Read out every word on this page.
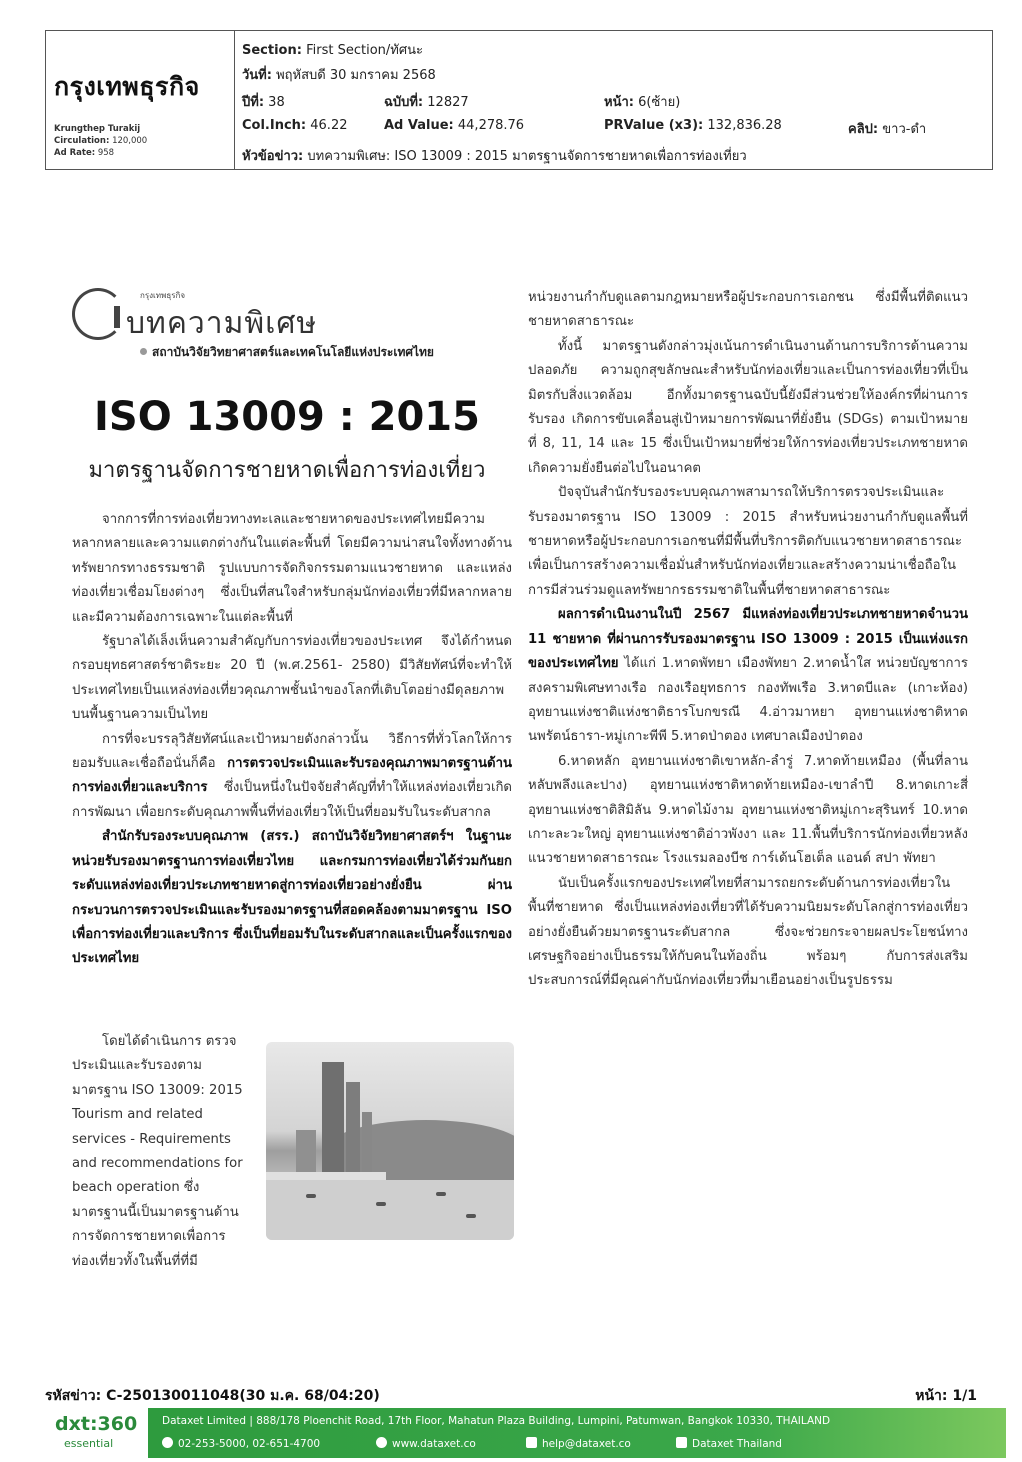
กรุงเทพธุรกิจ
Krungthep Turakij
Circulation: 120,000
Ad Rate: 958
Section: First Section/ทัศนะ
วันที่: พฤหัสบดี 30 มกราคม 2568
ปีที่: 38	ฉบับที่: 12827	หน้า: 6(ซ้าย)
Col.Inch: 46.22	Ad Value: 44,278.76	PRValue (x3): 132,836.28	คลิป: ขาว-ดำ
หัวข้อข่าว: บทความพิเศษ: ISO 13009 : 2015 มาตรฐานจัดการชายหาดเพื่อการท่องเที่ยว
กรุงเทพธุรกิจ
บทความพิเศษ
สถาบันวิจัยวิทยาศาสตร์และเทคโนโลยีแห่งประเทศไทย
ISO 13009 : 2015
มาตรฐานจัดการชายหาดเพื่อการท่องเที่ยว

จากการที่การท่องเที่ยวทางทะเลและชายหาดของประเทศไทยมีความหลากหลายและความแตกต่างกันในแต่ละพื้นที่ โดยมีความน่าสนใจทั้งทางด้านทรัพยากรทางธรรมชาติ รูปแบบการจัดกิจกรรมตามแนวชายหาด และแหล่งท่องเที่ยวเชื่อมโยงต่างๆ ซึ่งเป็นที่สนใจสำหรับกลุ่มนักท่องเที่ยวที่มีหลากหลายและมีความต้องการเฉพาะในแต่ละพื้นที่

รัฐบาลได้เล็งเห็นความสำคัญกับการท่องเที่ยวของประเทศ จึงได้กำหนดกรอบยุทธศาสตร์ชาติระยะ 20 ปี (พ.ศ.2561- 2580) มีวิสัยทัศน์ที่จะทำให้ประเทศไทยเป็นแหล่งท่องเที่ยวคุณภาพชั้นนำของโลกที่เติบโตอย่างมีดุลยภาพบนพื้นฐานความเป็นไทย

การที่จะบรรลุวิสัยทัศน์และเป้าหมายดังกล่าวนั้น วิธีการที่ทั่วโลกให้การยอมรับและเชื่อถือนั่นก็คือ การตรวจประเมินและรับรองคุณภาพมาตรฐานด้านการท่องเที่ยวและบริการ ซึ่งเป็นหนึ่งในปัจจัยสำคัญที่ทำให้แหล่งท่องเที่ยวเกิดการพัฒนา เพื่อยกระดับคุณภาพพื้นที่ท่องเที่ยวให้เป็นที่ยอมรับในระดับสากล

สำนักรับรองระบบคุณภาพ (สรร.) สถาบันวิจัยวิทยาศาสตร์ฯ ในฐานะหน่วยรับรองมาตรฐานการท่องเที่ยวไทย และกรมการท่องเที่ยวได้ร่วมกันยกระดับแหล่งท่องเที่ยวประเภทชายหาดสู่การท่องเที่ยวอย่างยั่งยืน ผ่านกระบวนการตรวจประเมินและรับรองมาตรฐานที่สอดคล้องตามมาตรฐาน ISO เพื่อการท่องเที่ยวและบริการ ซึ่งเป็นที่ยอมรับในระดับสากลและเป็นครั้งแรกของประเทศไทย

โดยได้ดำเนินการ ตรวจประเมินและรับรองตามมาตรฐาน ISO 13009: 2015 Tourism and related services - Requirements and recommendations for beach operation ซึ่งมาตรฐานนี้เป็นมาตรฐานด้านการจัดการชายหาดเพื่อการท่องเที่ยวทั้งในพื้นที่ที่มี

หน่วยงานกำกับดูแลตามกฎหมายหรือผู้ประกอบการเอกชน ซึ่งมีพื้นที่ติดแนวชายหาดสาธารณะ

ทั้งนี้ มาตรฐานดังกล่าวมุ่งเน้นการดำเนินงานด้านการบริการด้านความปลอดภัย ความถูกสุขลักษณะสำหรับนักท่องเที่ยวและเป็นการท่องเที่ยวที่เป็นมิตรกับสิ่งแวดล้อม อีกทั้งมาตรฐานฉบับนี้ยังมีส่วนช่วยให้องค์กรที่ผ่านการรับรอง เกิดการขับเคลื่อนสู่เป้าหมายการพัฒนาที่ยั่งยืน (SDGs) ตามเป้าหมายที่ 8, 11, 14 และ 15 ซึ่งเป็นเป้าหมายที่ช่วยให้การท่องเที่ยวประเภทชายหาดเกิดความยั่งยืนต่อไปในอนาคต

ปัจจุบันสำนักรับรองระบบคุณภาพสามารถให้บริการตรวจประเมินและรับรองมาตรฐาน ISO 13009 : 2015 สำหรับหน่วยงานกำกับดูแลพื้นที่ชายหาดหรือผู้ประกอบการเอกชนที่มีพื้นที่บริการติดกับแนวชายหาดสาธารณะ เพื่อเป็นการสร้างความเชื่อมั่นสำหรับนักท่องเที่ยวและสร้างความน่าเชื่อถือในการมีส่วนร่วมดูแลทรัพยากรธรรมชาติในพื้นที่ชายหาดสาธารณะ

ผลการดำเนินงานในปี 2567 มีแหล่งท่องเที่ยวประเภทชายหาดจำนวน 11 ชายหาด ที่ผ่านการรับรองมาตรฐาน ISO 13009 : 2015 เป็นแห่งแรกของประเทศไทย ได้แก่ 1.หาดพัทยา เมืองพัทยา 2.หาดน้ำใส หน่วยบัญชาการสงครามพิเศษทางเรือ กองเรือยุทธการ กองทัพเรือ 3.หาดบีและ (เกาะห้อง) อุทยานแห่งชาติแห่งชาติธารโบกขรณี 4.อ่าวมาหยา อุทยานแห่งชาติหาดนพรัตน์ธารา-หมู่เกาะพีพี 5.หาดป่าตอง เทศบาลเมืองป่าตอง

6.หาดหลัก อุทยานแห่งชาติเขาหลัก-ลำรู่ 7.หาดท้ายเหมือง (พื้นที่ลานหลับพลึงและปาง) อุทยานแห่งชาติหาดท้ายเหมือง-เขาลำปี 8.หาดเกาะสี่ อุทยานแห่งชาติสิมิลัน 9.หาดไม้งาม อุทยานแห่งชาติหมู่เกาะสุรินทร์ 10.หาดเกาะละวะใหญ่ อุทยานแห่งชาติอ่าวพังงา และ 11.พื้นที่บริการนักท่องเที่ยวหลังแนวชายหาดสาธารณะ โรงแรมลองบีช การ์เด้นโฮเต็ล แอนด์ สปา พัทยา

นับเป็นครั้งแรกของประเทศไทยที่สามารถยกระดับด้านการท่องเที่ยวในพื้นที่ชายหาด ซึ่งเป็นแหล่งท่องเที่ยวที่ได้รับความนิยมระดับโลกสู่การท่องเที่ยวอย่างยั่งยืนด้วยมาตรฐานระดับสากล ซึ่งจะช่วยกระจายผลประโยชน์ทางเศรษฐกิจอย่างเป็นธรรมให้กับคนในท้องถิ่น พร้อมๆ กับการส่งเสริมประสบการณ์ที่มีคุณค่ากับนักท่องเที่ยวที่มาเยือนอย่างเป็นรูปธรรม

รหัสข่าว: C-250130011048(30 ม.ค. 68/04:20)	หน้า: 1/1
dxt:360
essential
Dataxet Limited | 888/178 Ploenchit Road, 17th Floor, Mahatun Plaza Building, Lumpini, Patumwan, Bangkok 10330, THAILAND
02-253-5000, 02-651-4700	www.dataxet.co	help@dataxet.co	Dataxet Thailand
